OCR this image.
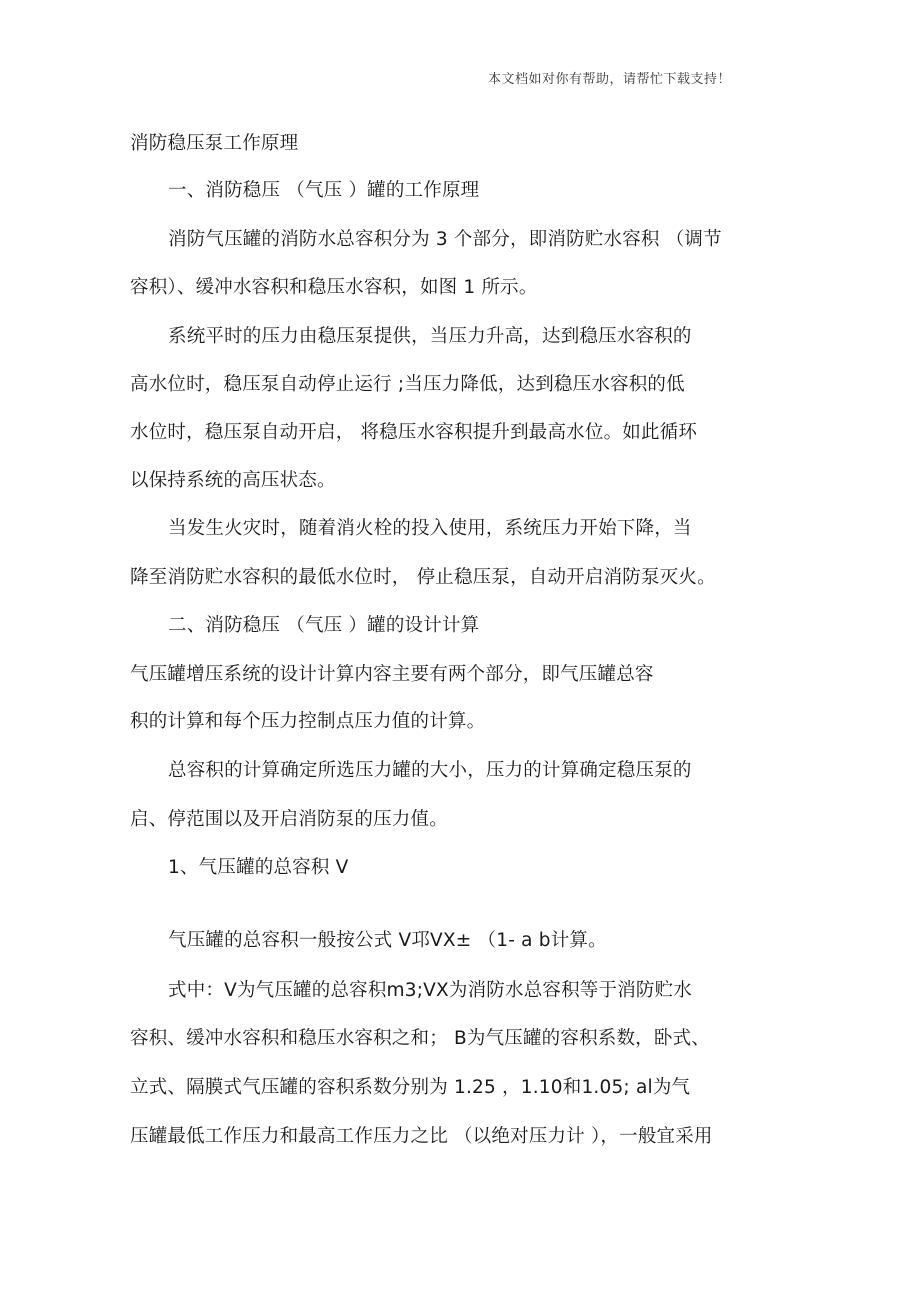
本文档如对你有帮助，请帮忙下载支持！
消防稳压泵工作原理
一、消防稳压 （气压 ）罐的工作原理
消防气压罐的消防水总容积分为 3 个部分，即消防贮水容积 （调节
容积）、缓冲水容积和稳压水容积，如图 1 所示。
系统平时的压力由稳压泵提供，当压力升高，达到稳压水容积的
高水位时，稳压泵自动停止运行 ;当压力降低，达到稳压水容积的低
水位时，稳压泵自动开启， 将稳压水容积提升到最高水位。如此循环
以保持系统的高压状态。
当发生火灾时，随着消火栓的投入使用，系统压力开始下降，当
降至消防贮水容积的最低水位时， 停止稳压泵，自动开启消防泵灭火。
二、消防稳压 （气压 ）罐的设计计算
气压罐增压系统的设计计算内容主要有两个部分，即气压罐总容
积的计算和每个压力控制点压力值的计算。
总容积的计算确定所选压力罐的大小，压力的计算确定稳压泵的
启、停范围以及开启消防泵的压力值。
1、气压罐的总容积 V
气压罐的总容积一般按公式 V邛VX± （1- a b计算。
式中：V为气压罐的总容积m3;VX为消防水总容积等于消防贮水
容积、缓冲水容积和稳压水容积之和； B为气压罐的容积系数，卧式、
立式、隔膜式气压罐的容积系数分别为 1.25 ，1.10和1.05; al为气
压罐最低工作压力和最高工作压力之比 （以绝对压力计 ），一般宜采用
